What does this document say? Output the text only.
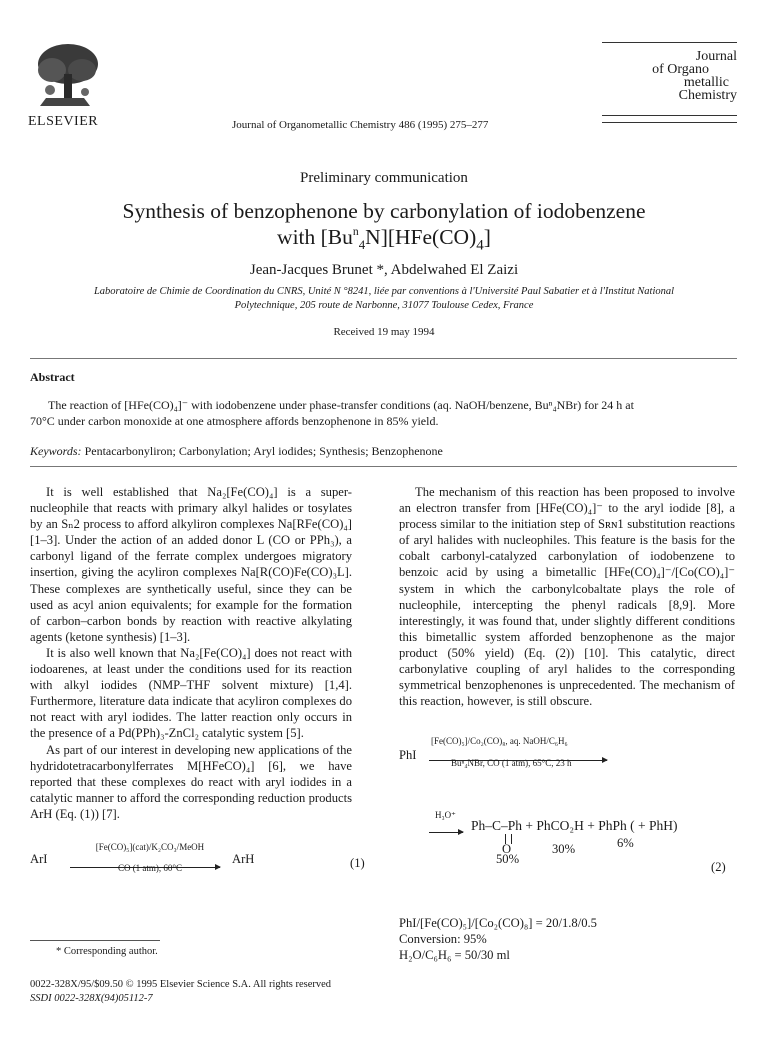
ELSEVIER	Journal of Organometallic Chemistry 486 (1995) 275–277
Journal
of Organo
metallic
Chemistry
Preliminary communication
Synthesis of benzophenone by carbonylation of iodobenzene
with $[Bu_{n4}N][HFe(CO)_4]$
Jean-Jacques Brunet *, Abdelwahed El Zaizi
Laboratoire de Chimie de Coordination du CNRS, Unité N °8241, liée par conventions à l'Université Paul Sabatier et à l'Institut National
Polytechnique, 205 route de Narbonne, 31077 Toulouse Cedex, France
Received 19 may 1994
Abstract
The reaction of [HFe(CO)₄]⁻ with iodobenzene under phase-transfer conditions (aq. NaOH/benzene, Buⁿ₄NBr) for 24 h at
70°C under carbon monoxide at one atmosphere affords benzophenone in 85% yield.
Keywords: Pentacarbonyliron; Carbonylation; Aryl iodides; Synthesis; Benzophenone

It is well established that Na₂[Fe(CO)₄] is a super-nucleophile that reacts with primary alkyl halides or tosylates by an Sₙ2 process to afford alkyliron complexes Na[RFe(CO)₄] [1–3]. Under the action of an added donor L (CO or PPh₃), a carbonyl ligand of the ferrate complex undergoes migratory insertion, giving the acyliron complexes Na[R(CO)Fe(CO)₃L]. These complexes are synthetically useful, since they can be used as acyl anion equivalents; for example for the formation of carbon–carbon bonds by reaction with reactive alkylating agents (ketone synthesis) [1–3].

It is also well known that Na₂[Fe(CO)₄] does not react with iodoarenes, at least under the conditions used for its reaction with alkyl iodides (NMP–THF solvent mixture) [1,4]. Furthermore, literature data indicate that acyliron complexes do not react with aryl iodides. The latter reaction only occurs in the presence of a Pd(PPh)₃-ZnCl₂ catalytic system [5].

As part of our interest in developing new applications of the hydridotetracarbonylferrates M[HFeCO)₄] [6], we have reported that these complexes do react with aryl iodides in a catalytic manner to afford the corresponding reduction products ArH (Eq. (1)) [7].

ArI
[Fe(CO)₅](cat)/K₂CO₃/MeOH
CO (1 atm), 60°C
ArH	(1)
* Corresponding author.
0022-328X/95/$09.50 © 1995 Elsevier Science S.A. All rights reserved
SSDI 0022-328X(94)05112-7

The mechanism of this reaction has been proposed to involve an electron transfer from [HFe(CO)₄]⁻ to the aryl iodide [8], a process similar to the initiation step of Sʀɴ1 substitution reactions of aryl halides with nucleophiles. This feature is the basis for the cobalt carbonyl-catalyzed carbonylation of iodobenzene to benzoic acid by using a bimetallic [HFe(CO)₄]⁻/[Co(CO)₄]⁻ system in which the carbonylcobaltate plays the role of nucleophile, intercepting the phenyl radicals [8,9]. More interestingly, it was found that, under slightly different conditions this bimetallic system afforded benzophenone as the major product (50% yield) (Eq. (2)) [10]. This catalytic, direct carbonylative coupling of aryl halides to the corresponding symmetrical benzophenones is unprecedented. The mechanism of this reaction, however, is still obscure.

PhI
[Fe(CO)₅]/Co₂(CO)₈, aq. NaOH/C₆H₆
Buⁿ₄NBr, CO (1 atm), 65°C, 23 h
H₃O⁺
Ph–C–Ph + PhCO₂H + PhPh ( + PhH)
O
50%
30%	6%
(2)
PhI/[Fe(CO)₅]/[Co₂(CO)₈] = 20/1.8/0.5
Conversion: 95%
H₂O/C₆H₆ = 50/30 ml
